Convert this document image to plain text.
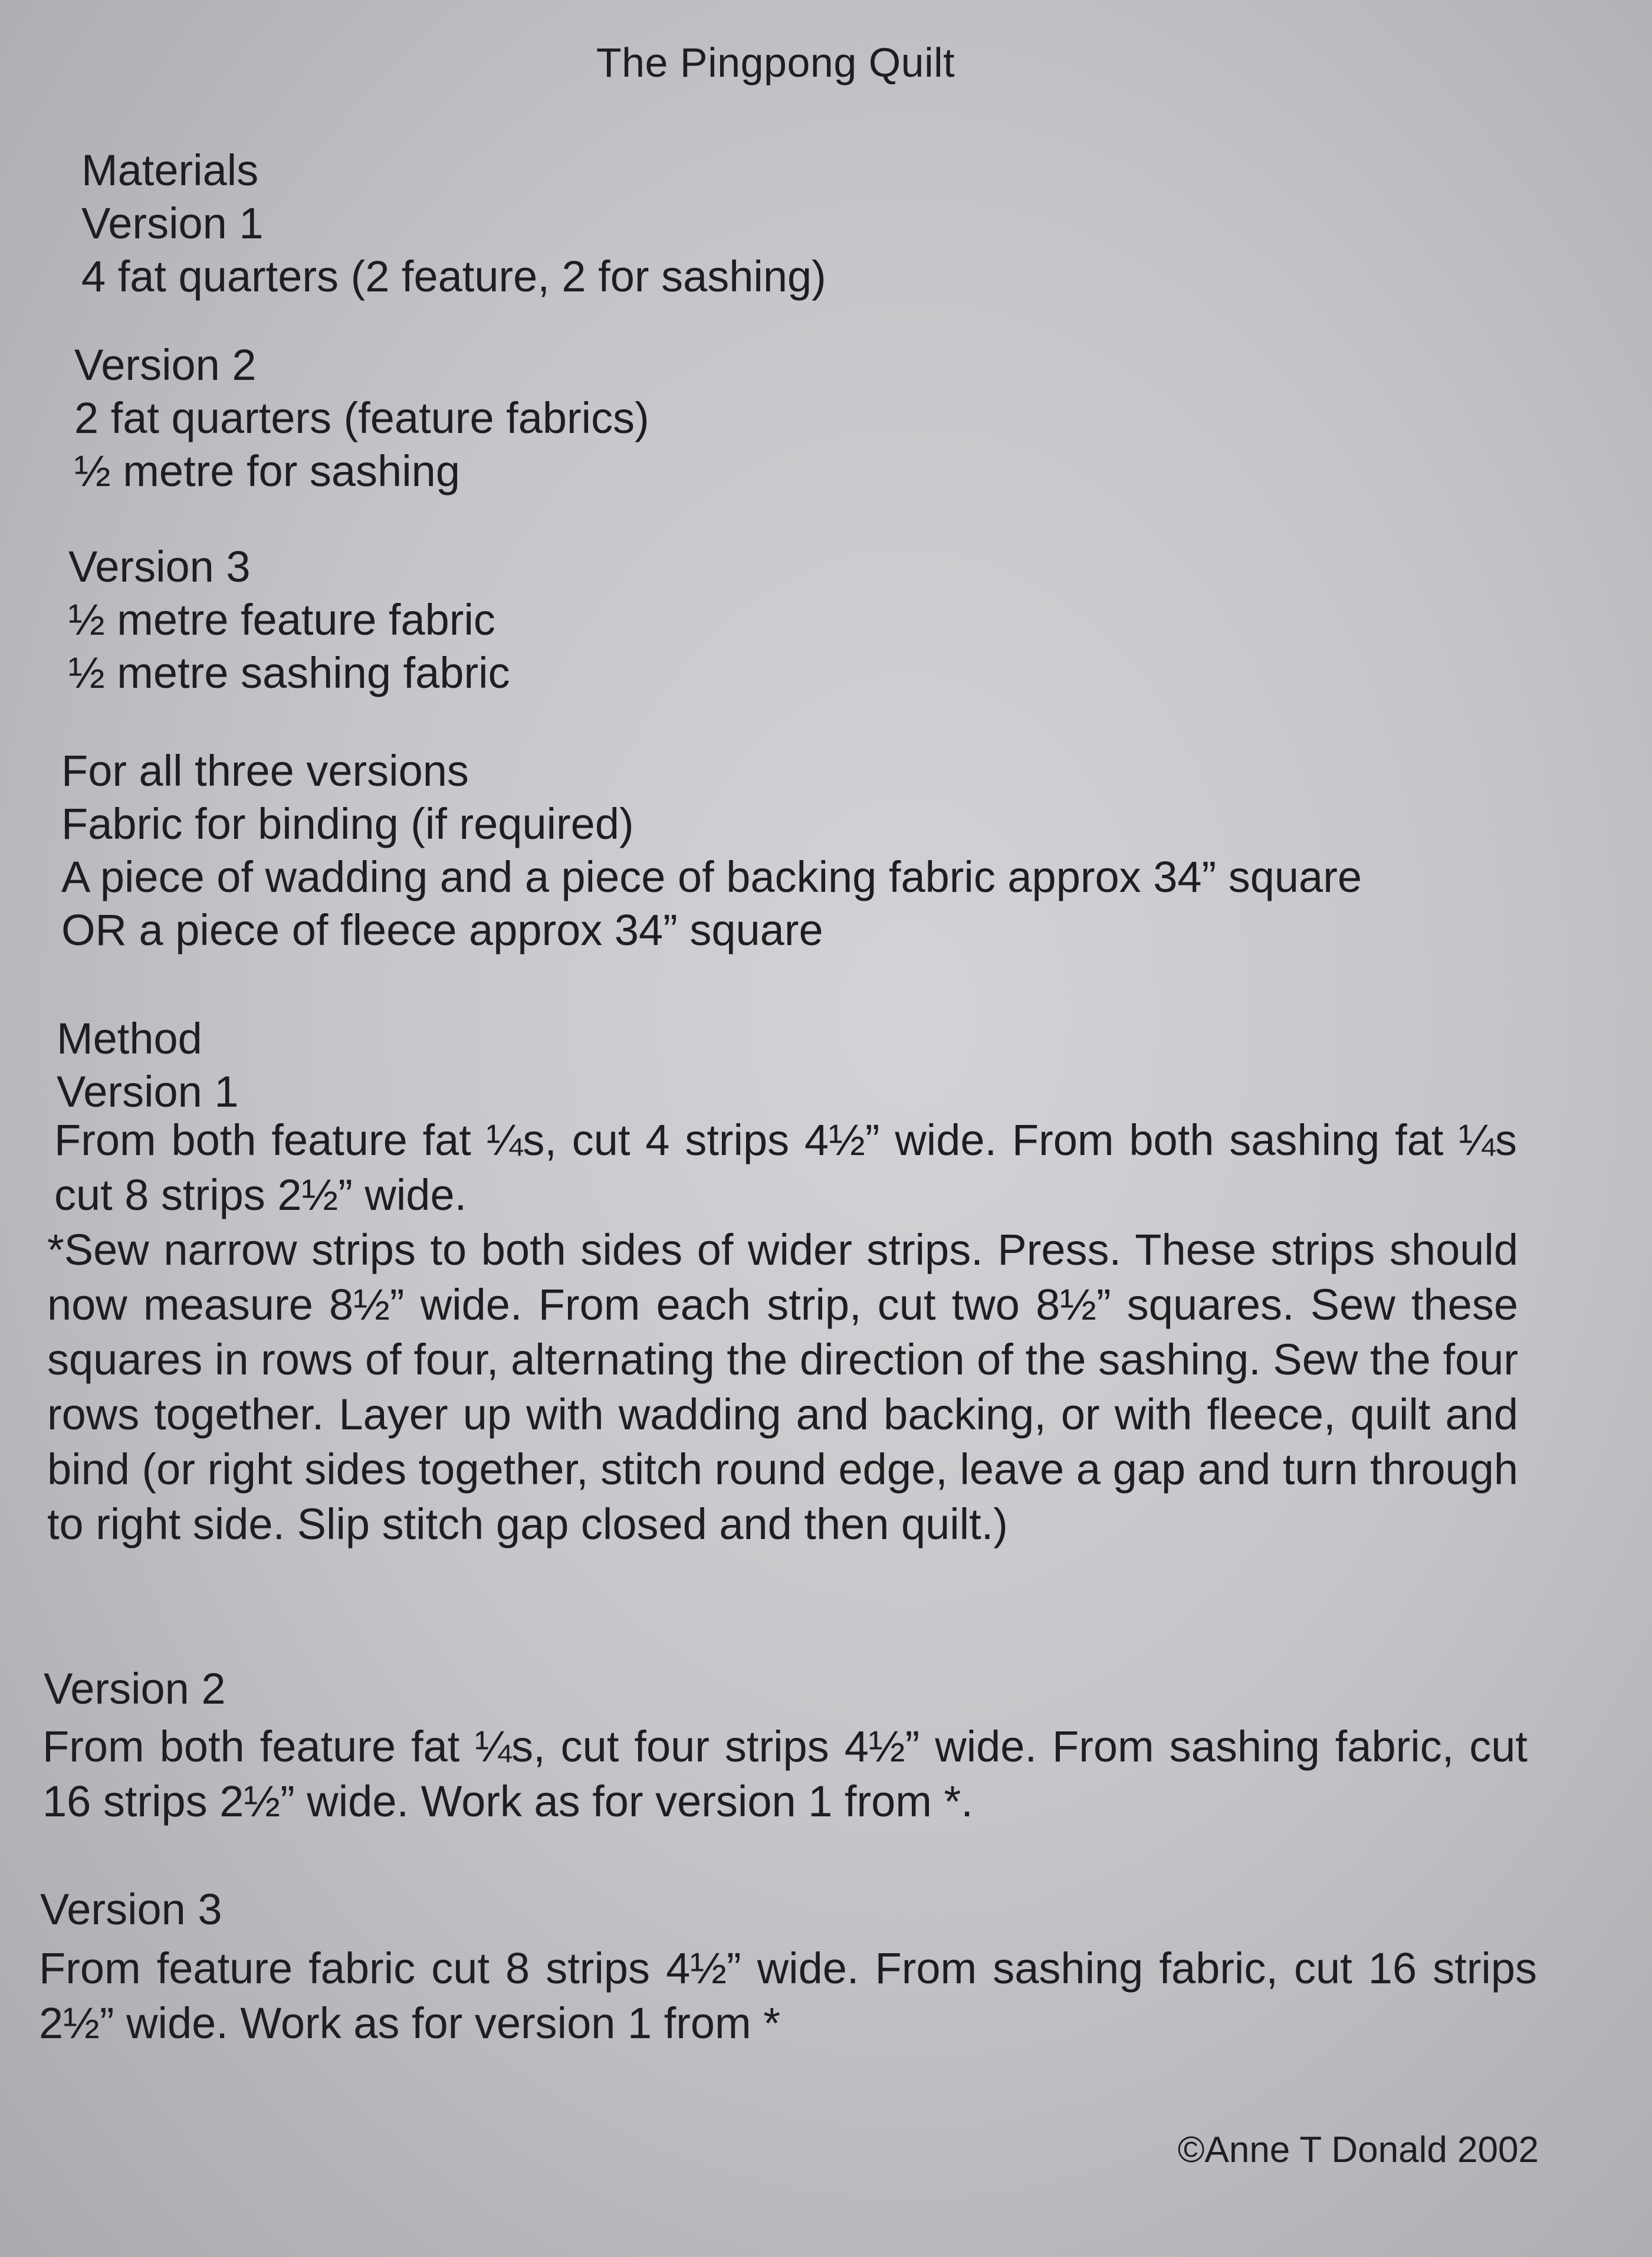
The Pingpong Quilt
Materials
Version 1
4 fat quarters (2 feature, 2 for sashing)
Version 2
2 fat quarters (feature fabrics)
½ metre for sashing
Version 3
½ metre feature fabric
½ metre sashing fabric
For all three versions
Fabric for binding (if required)
A piece of wadding and a piece of backing fabric approx 34” square
OR a piece of fleece approx 34” square
Method
Version 1
From both feature fat ¼s, cut 4 strips 4½” wide. From both sashing fat ¼s cut 8 strips 2½” wide.
*Sew narrow strips to both sides of wider strips. Press. These strips should now measure 8½” wide. From each strip, cut two 8½” squares. Sew these squares in rows of four, alternating the direction of the sashing. Sew the four rows together. Layer up with wadding and backing, or with fleece, quilt and bind (or right sides together, stitch round edge, leave a gap and turn through to right side. Slip stitch gap closed and then quilt.)
Version 2
From both feature fat ¼s, cut four strips 4½” wide. From sashing fabric, cut 16 strips 2½” wide. Work as for version 1 from *.
Version 3
From feature fabric cut 8 strips 4½” wide. From sashing fabric, cut 16 strips 2½” wide. Work as for version 1 from *
©Anne T Donald 2002
